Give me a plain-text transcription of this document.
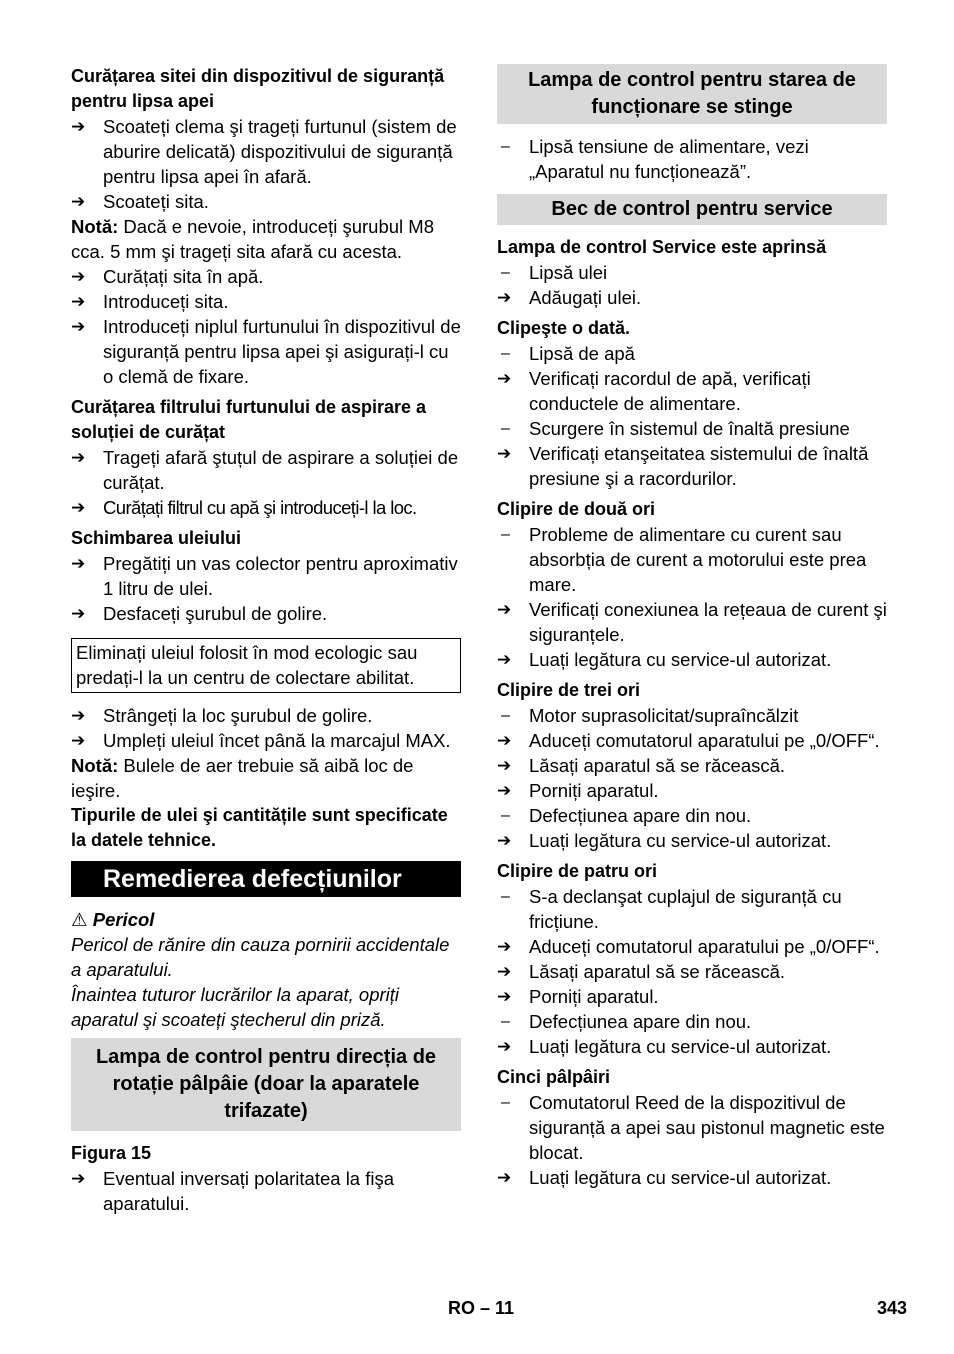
Curățarea sitei din dispozitivul de siguranță pentru lipsa apei
➔ Scoateți clema şi trageți furtunul (sistem de aburire delicată) dispozitivului de siguranță pentru lipsa apei în afară.
➔ Scoateți sita.
Notă: Dacă e nevoie, introduceți şurubul M8 cca. 5 mm şi trageți sita afară cu acesta.
➔ Curățați sita în apă.
➔ Introduceți sita.
➔ Introduceți niplul furtunului în dispozitivul de siguranță pentru lipsa apei şi asigurați-l cu o clemă de fixare.
Curățarea filtrului furtunului de aspirare a soluției de curățat
➔ Trageți afară ştuțul de aspirare a soluției de curățat.
➔ Curățați filtrul cu apă şi introduceți-l la loc.
Schimbarea uleiului
➔ Pregătiți un vas colector pentru aproximativ 1 litru de ulei.
➔ Desfaceți şurubul de golire.
Eliminați uleiul folosit în mod ecologic sau predați-l la un centru de colectare abilitat.
➔ Strângeți la loc şurubul de golire.
➔ Umpleți uleiul încet până la marcajul MAX.
Notă: Bulele de aer trebuie să aibă loc de ieşire.
Tipurile de ulei şi cantitățile sunt specificate la datele tehnice.
Remedierea defecțiunilor
⚠ Pericol
Pericol de rănire din cauza pornirii accidentale a aparatului.
Înaintea tuturor lucrărilor la aparat, opriți aparatul şi scoateți ştecherul din priză.
Lampa de control pentru direcția de rotație pâlpâie (doar la aparatele trifazate)
Figura 15
➔ Eventual inversați polaritatea la fişa aparatului.
Lampa de control pentru starea de funcționare se stinge
–	Lipsă tensiune de alimentare, vezi „Aparatul nu funcționează”.
Bec de control pentru service
Lampa de control Service este aprinsă
–	Lipsă ulei
➔ Adăugați ulei.
Clipeşte o dată.
–	Lipsă de apă
➔ Verificați racordul de apă, verificați conductele de alimentare.
–	Scurgere în sistemul de înaltă presiune
➔ Verificați etanşeitatea sistemului de înaltă presiune şi a racordurilor.
Clipire de două ori
–	Probleme de alimentare cu curent sau absorbția de curent a motorului este prea mare.
➔ Verificați conexiunea la rețeaua de curent şi siguranțele.
➔ Luați legătura cu service-ul autorizat.
Clipire de trei ori
–	Motor suprasolicitat/supraîncălzit
➔ Aduceți comutatorul aparatului pe „0/OFF“.
➔ Lăsați aparatul să se răcească.
➔ Porniți aparatul.
–	Defecțiunea apare din nou.
➔ Luați legătura cu service-ul autorizat.
Clipire de patru ori
–	S-a declanşat cuplajul de siguranță cu fricțiune.
➔ Aduceți comutatorul aparatului pe „0/OFF“.
➔ Lăsați aparatul să se răcească.
➔ Porniți aparatul.
–	Defecțiunea apare din nou.
➔ Luați legătura cu service-ul autorizat.
Cinci pâlpâiri
–	Comutatorul Reed de la dispozitivul de siguranță a apei sau pistonul magnetic este blocat.
➔ Luați legătura cu service-ul autorizat.
RO – 11	343
